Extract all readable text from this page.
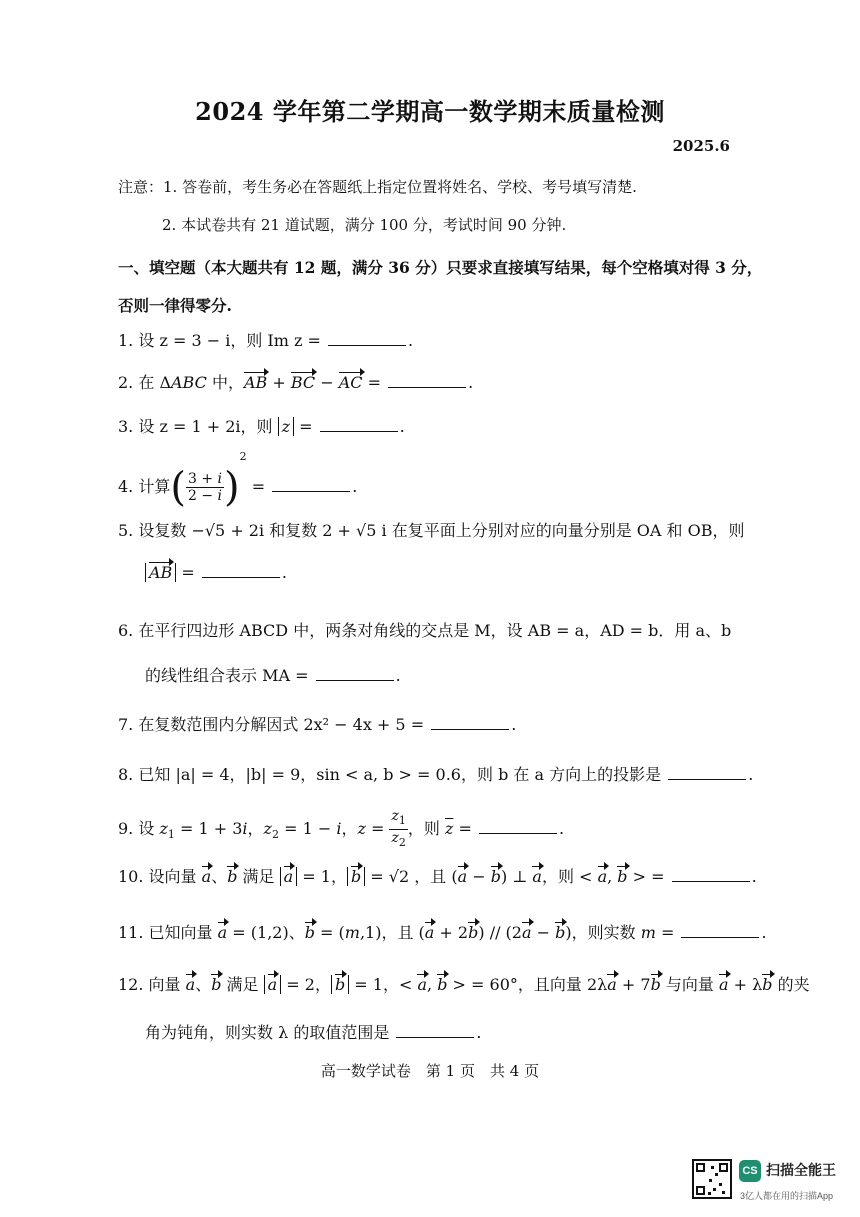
2024 学年第二学期高一数学期末质量检测
2025.6
注意：1. 答卷前，考生务必在答题纸上指定位置将姓名、学校、考号填写清楚.
2. 本试卷共有 21 道试题，满分 100 分，考试时间 90 分钟.
一、填空题（本大题共有 12 题，满分 36 分）只要求直接填写结果，每个空格填对得 3 分，
否则一律得零分.
1. 设 z = 3 − i，则 Im z =	.
2. 在 ΔABC 中，AB + BC − AC =	.
3. 设 z = 1 + 2i，则 z =	.
4. 计算( $\frac{3 + i}{2 - i} )^2$ =	.
5. 设复数 −√5 + 2i 和复数 2 + √5 i 在复平面上分别对应的向量分别是 OA 和 OB，则
AB =	.
6. 在平行四边形 ABCD 中，两条对角线的交点是 M，设 AB = a，AD = b．用 a、b
的线性组合表示 MA =	.
7. 在复数范围内分解因式 2x² − 4x + 5 =	.
8. 已知 |a| = 4，|b| = 9，sin < a, b > = 0.6，则 b 在 a 方向上的投影是	.
9. 设 $z_1 = 1 + 3i$，$z_2 = 1 - i$，$z = \frac{z_1}{z_2}$ ，则 $\overline{z}$ =	.
10. 设向量 a、b 满足 a = 1， b = √2 ，且 (a − b) ⊥ a，则 < a, b > =	.
11. 已知向量 a = (1,2)、b = (m,1)，且 (a + 2b) // (2a − b)，则实数 m =	.
12. 向量 a、b 满足 a = 2， b = 1，< a, b > = 60°，且向量 2λa + 7b 与向量 a + λb 的夹
角为钝角，则实数 λ 的取值范围是	.
高一数学试卷　第 1 页　共 4 页
CS 扫描全能王
3亿人都在用的扫描App
